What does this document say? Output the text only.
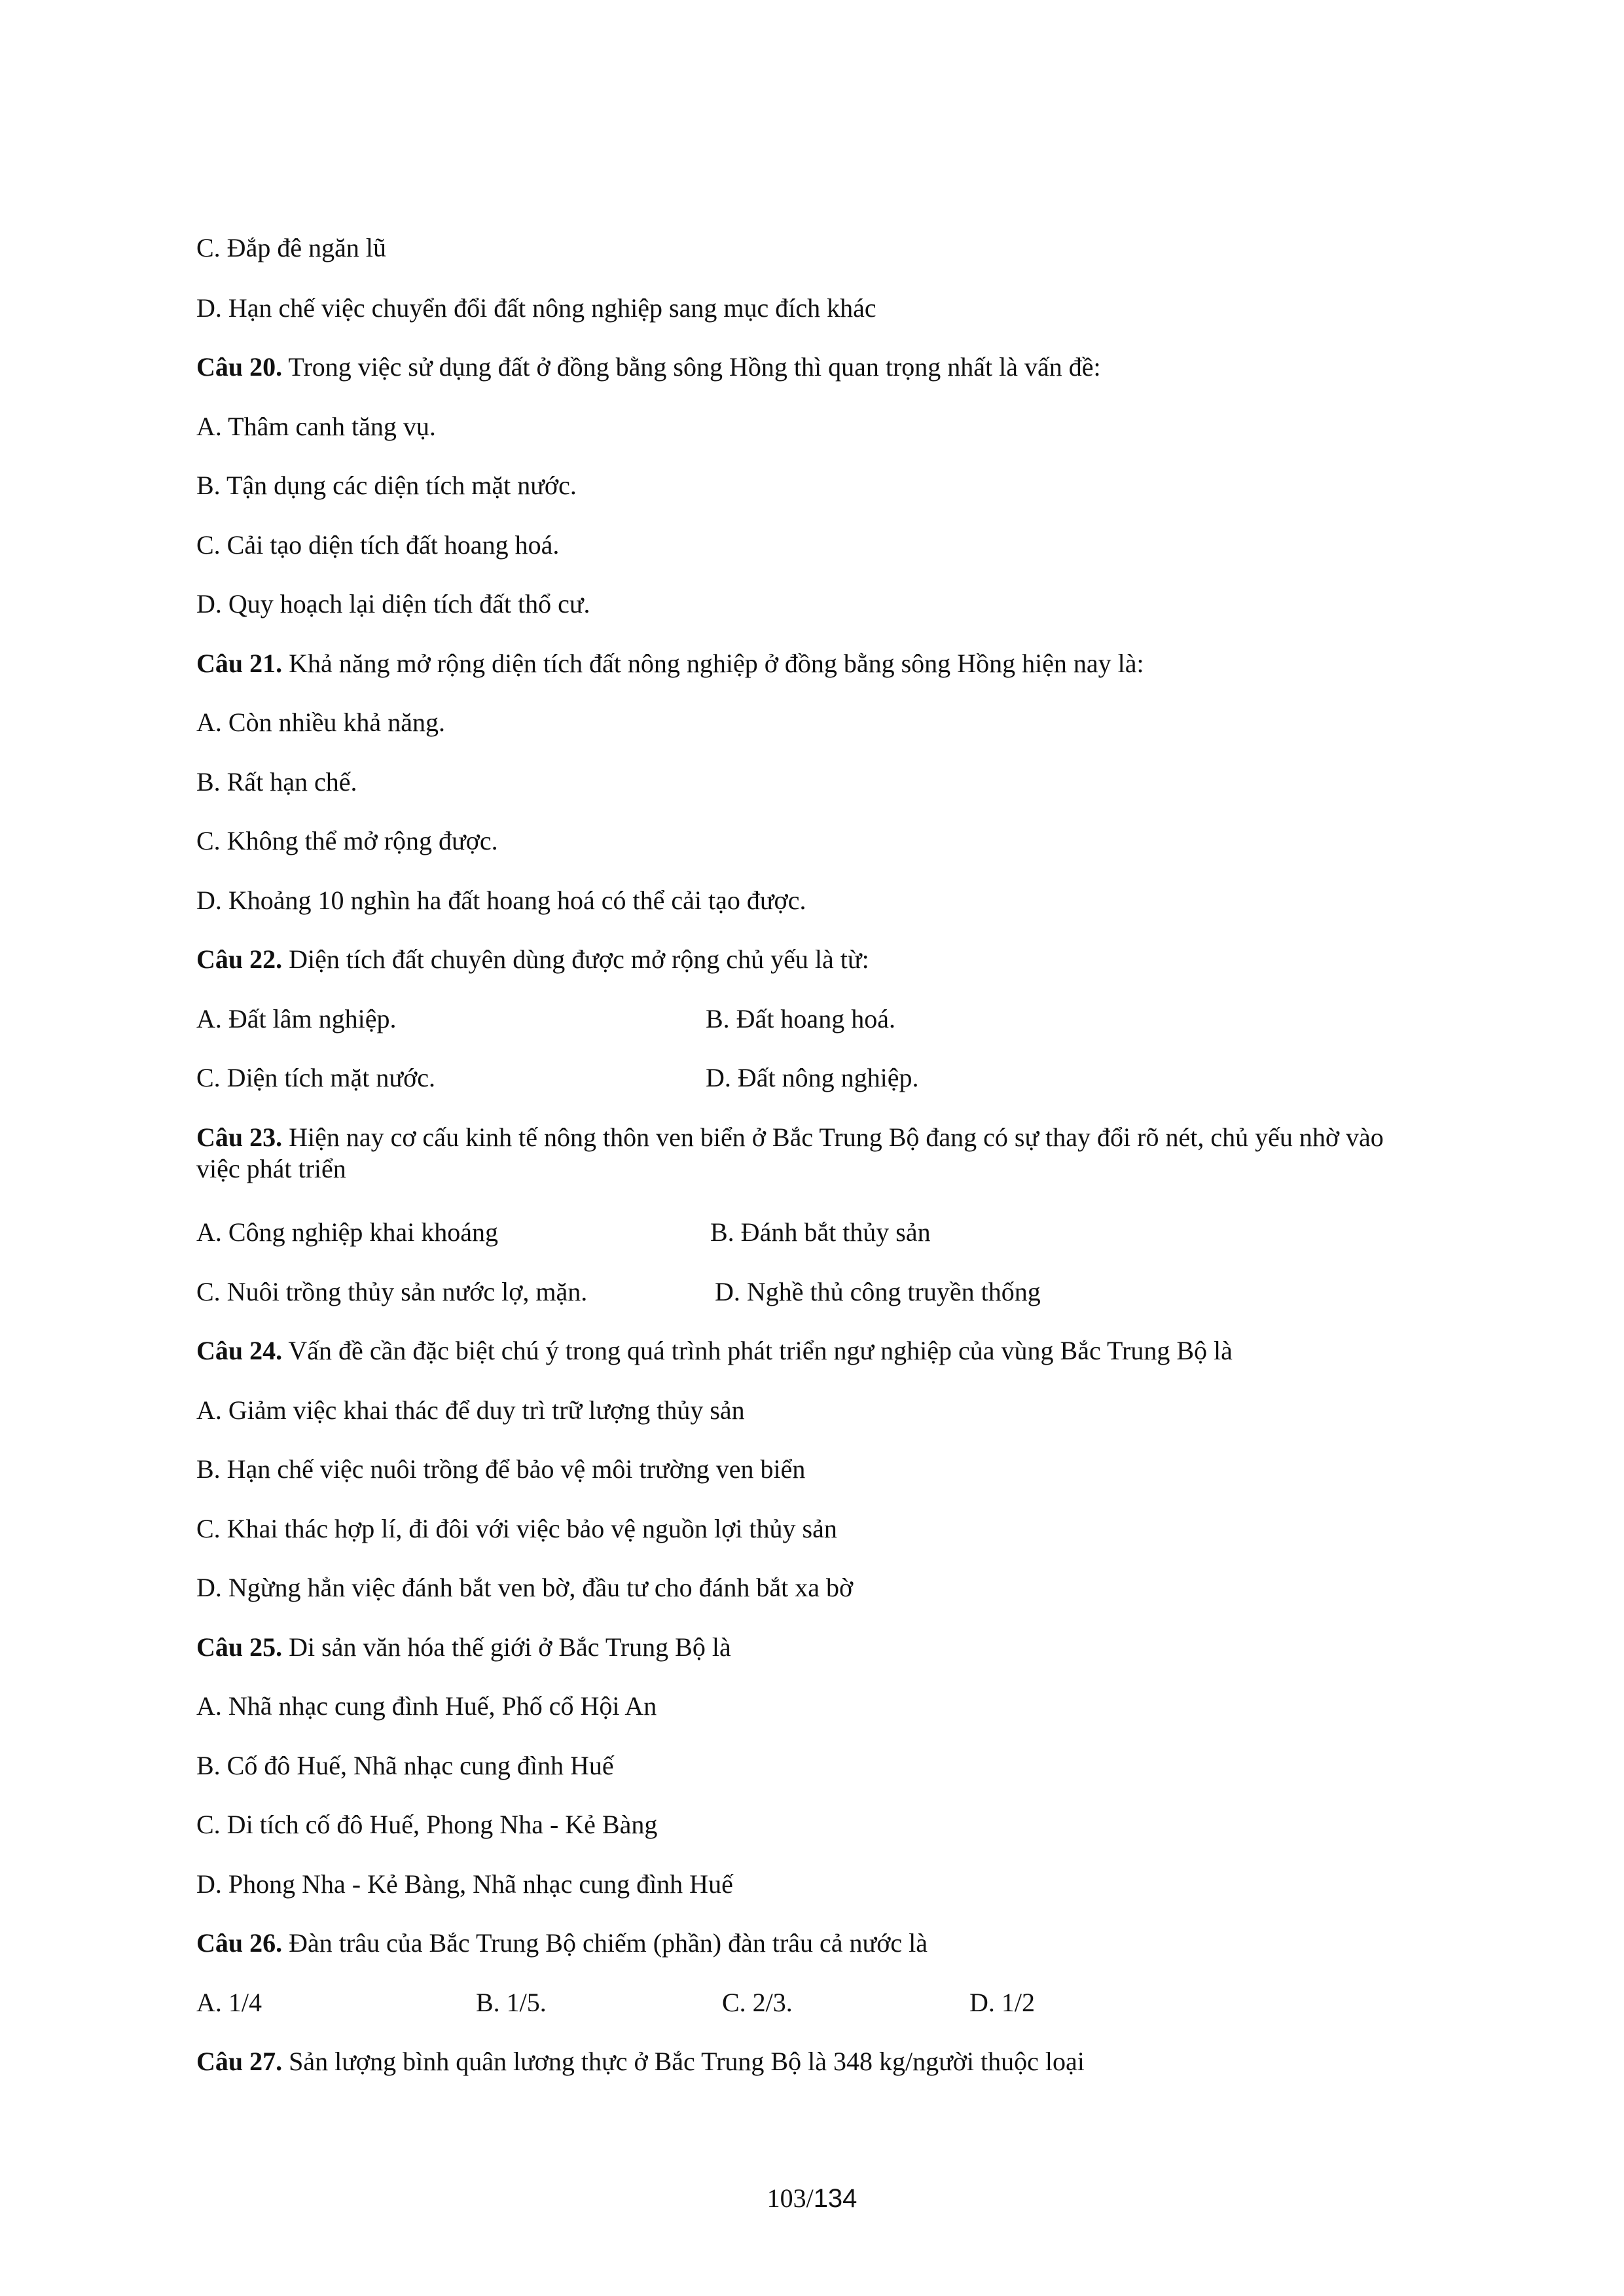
C. Đắp đê ngăn lũ
D. Hạn chế việc chuyển đổi đất nông nghiệp sang mục đích khác
Câu 20. Trong việc sử dụng đất ở đồng bằng sông Hồng thì quan trọng nhất là vấn đề:
A. Thâm canh tăng vụ.
B. Tận dụng các diện tích mặt nước.
C. Cải tạo diện tích đất hoang hoá.
D. Quy hoạch lại diện tích đất thổ cư.
Câu 21. Khả năng mở rộng diện tích đất nông nghiệp ở đồng bằng sông Hồng hiện nay là:
A. Còn nhiều khả năng.
B. Rất hạn chế.
C. Không thể mở rộng được.
D. Khoảng 10 nghìn ha đất hoang hoá có thể cải tạo được.
Câu 22. Diện tích đất chuyên dùng được mở rộng chủ yếu là từ:
A. Đất lâm nghiệp.	B. Đất hoang hoá.
C. Diện tích mặt nước.	D. Đất nông nghiệp.
Câu 23. Hiện nay cơ cấu kinh tế nông thôn ven biển ở Bắc Trung Bộ đang có sự thay đổi rõ nét, chủ yếu nhờ vào việc phát triển
A. Công nghiệp khai khoáng	B. Đánh bắt thủy sản
C. Nuôi trồng thủy sản nước lợ, mặn.	D. Nghề thủ công truyền thống
Câu 24. Vấn đề cần đặc biệt chú ý trong quá trình phát triển ngư nghiệp của vùng Bắc Trung Bộ là
A. Giảm việc khai thác để duy trì trữ lượng thủy sản
B. Hạn chế việc nuôi trồng để bảo vệ môi trường ven biển
C. Khai thác hợp lí, đi đôi với việc bảo vệ nguồn lợi thủy sản
D. Ngừng hẳn việc đánh bắt ven bờ, đầu tư cho đánh bắt xa bờ
Câu 25. Di sản văn hóa thế giới ở Bắc Trung Bộ là
A. Nhã nhạc cung đình Huế, Phố cổ Hội An
B. Cố đô Huế, Nhã nhạc cung đình Huế
C. Di tích cố đô Huế, Phong Nha - Kẻ Bàng
D. Phong Nha - Kẻ Bàng, Nhã nhạc cung đình Huế
Câu 26. Đàn trâu của Bắc Trung Bộ chiếm (phần) đàn trâu cả nước là
A. 1/4	B. 1/5.	C. 2/3.	D. 1/2
Câu 27. Sản lượng bình quân lương thực ở Bắc Trung Bộ là 348 kg/người thuộc loại
103/134
